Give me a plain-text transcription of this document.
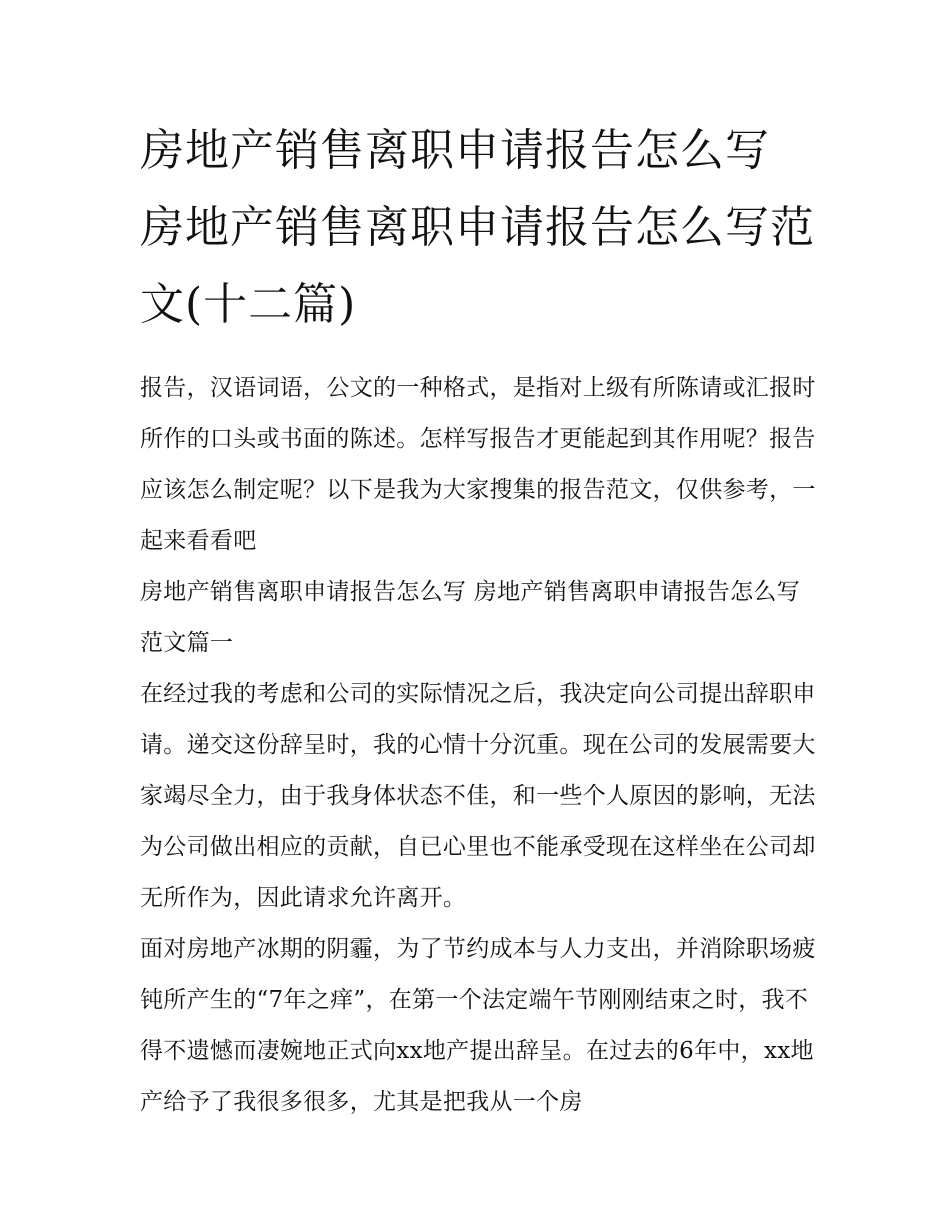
房地产销售离职申请报告怎么写 房地产销售离职申请报告怎么写范文(十二篇)

报告，汉语词语，公文的一种格式，是指对上级有所陈请或汇报时所作的口头或书面的陈述。怎样写报告才更能起到其作用呢？报告应该怎么制定呢？以下是我为大家搜集的报告范文，仅供参考，一起来看看吧

房地产销售离职申请报告怎么写 房地产销售离职申请报告怎么写范文篇一

在经过我的考虑和公司的实际情况之后，我决定向公司提出辞职申请。递交这份辞呈时，我的心情十分沉重。现在公司的发展需要大家竭尽全力，由于我身体状态不佳，和一些个人原因的影响，无法为公司做出相应的贡献，自已心里也不能承受现在这样坐在公司却无所作为，因此请求允许离开。

面对房地产冰期的阴霾，为了节约成本与人力支出，并消除职场疲钝所产生的“7年之痒”，在第一个法定端午节刚刚结束之时，我不得不遗憾而凄婉地正式向xx地产提出辞呈。在过去的6年中，xx地产给予了我很多很多，尤其是把我从一个房
